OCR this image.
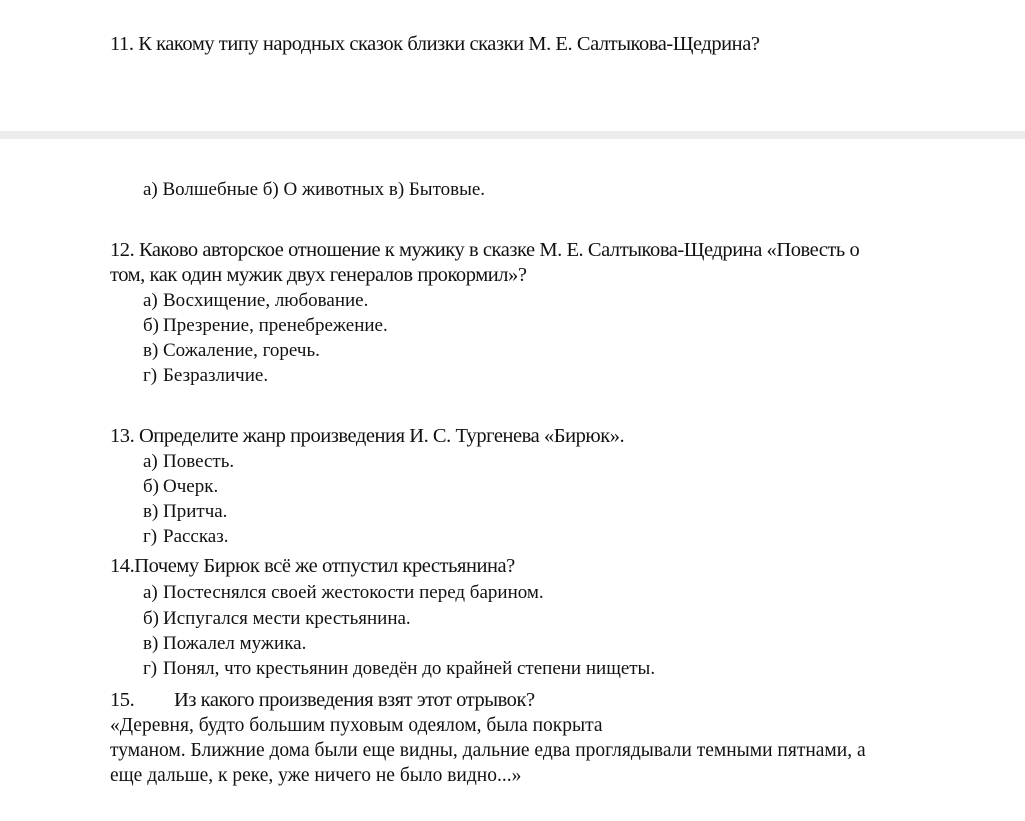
11. К какому типу народных сказок близки сказки М. Е. Салтыкова-Щедрина?
а) Волшебные б) О животных в) Бытовые.
12. Каково авторское отношение к мужику в сказке М. Е. Салтыкова-Щедрина «Повесть о
том, как один мужик двух генералов прокормил»?
а) Восхищение, любование.
б) Презрение, пренебрежение.
в) Сожаление, горечь.
г) Безразличие.
13. Определите жанр произведения И. С. Тургенева «Бирюк».
а) Повесть.
б) Очерк.
в) Притча.
г) Рассказ.
14.Почему Бирюк всё же отпустил крестьянина?
а) Постеснялся своей жестокости перед барином.
б) Испугался мести крестьянина.
в) Пожалел мужика.
г) Понял, что крестьянин доведён до крайней степени нищеты.
15. Из какого произведения взят этот отрывок?
«Деревня, будто большим пуховым одеялом, была покрыта
туманом. Ближние дома были еще видны, дальние едва проглядывали темными пятнами, а
еще дальше, к реке, уже ничего не было видно...»
